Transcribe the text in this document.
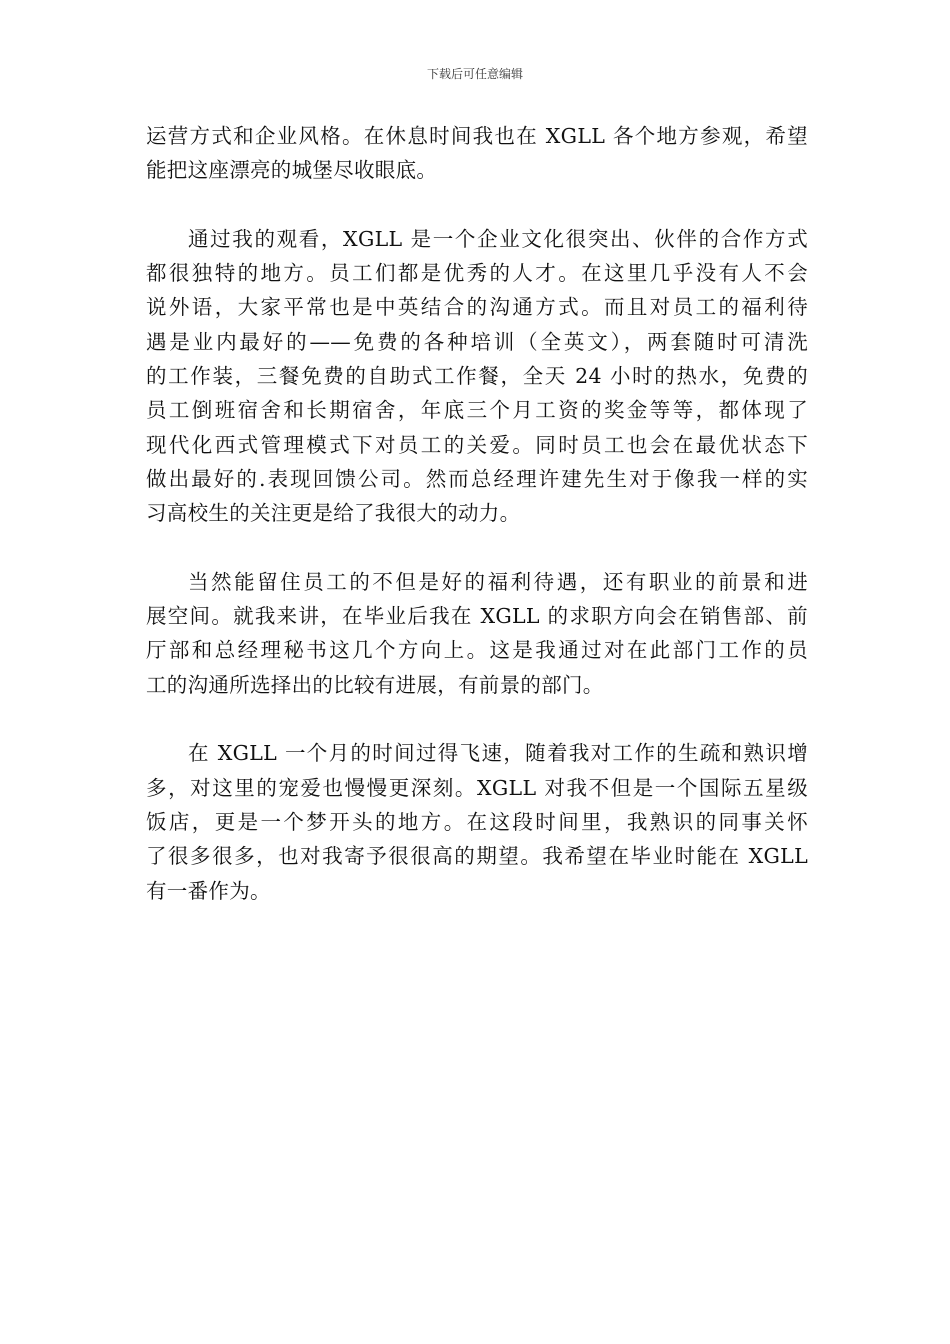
下载后可任意编辑

运营方式和企业风格。在休息时间我也在 XGLL 各个地方参观，希望
能把这座漂亮的城堡尽收眼底。

通过我的观看，XGLL 是一个企业文化很突出、伙伴的合作方式
都很独特的地方。员工们都是优秀的人才。在这里几乎没有人不会
说外语，大家平常也是中英结合的沟通方式。而且对员工的福利待
遇是业内最好的——免费的各种培训（全英文），两套随时可清洗
的工作装，三餐免费的自助式工作餐，全天 24 小时的热水，免费的
员工倒班宿舍和长期宿舍，年底三个月工资的奖金等等，都体现了
现代化西式管理模式下对员工的关爱。同时员工也会在最优状态下
做出最好的.表现回馈公司。然而总经理许建先生对于像我一样的实
习高校生的关注更是给了我很大的动力。

当然能留住员工的不但是好的福利待遇，还有职业的前景和进
展空间。就我来讲，在毕业后我在 XGLL 的求职方向会在销售部、前
厅部和总经理秘书这几个方向上。这是我通过对在此部门工作的员
工的沟通所选择出的比较有进展，有前景的部门。

在 XGLL 一个月的时间过得飞速，随着我对工作的生疏和熟识增
多，对这里的宠爱也慢慢更深刻。XGLL 对我不但是一个国际五星级
饭店，更是一个梦开头的地方。在这段时间里，我熟识的同事关怀
了很多很多，也对我寄予很很高的期望。我希望在毕业时能在 XGLL
有一番作为。
